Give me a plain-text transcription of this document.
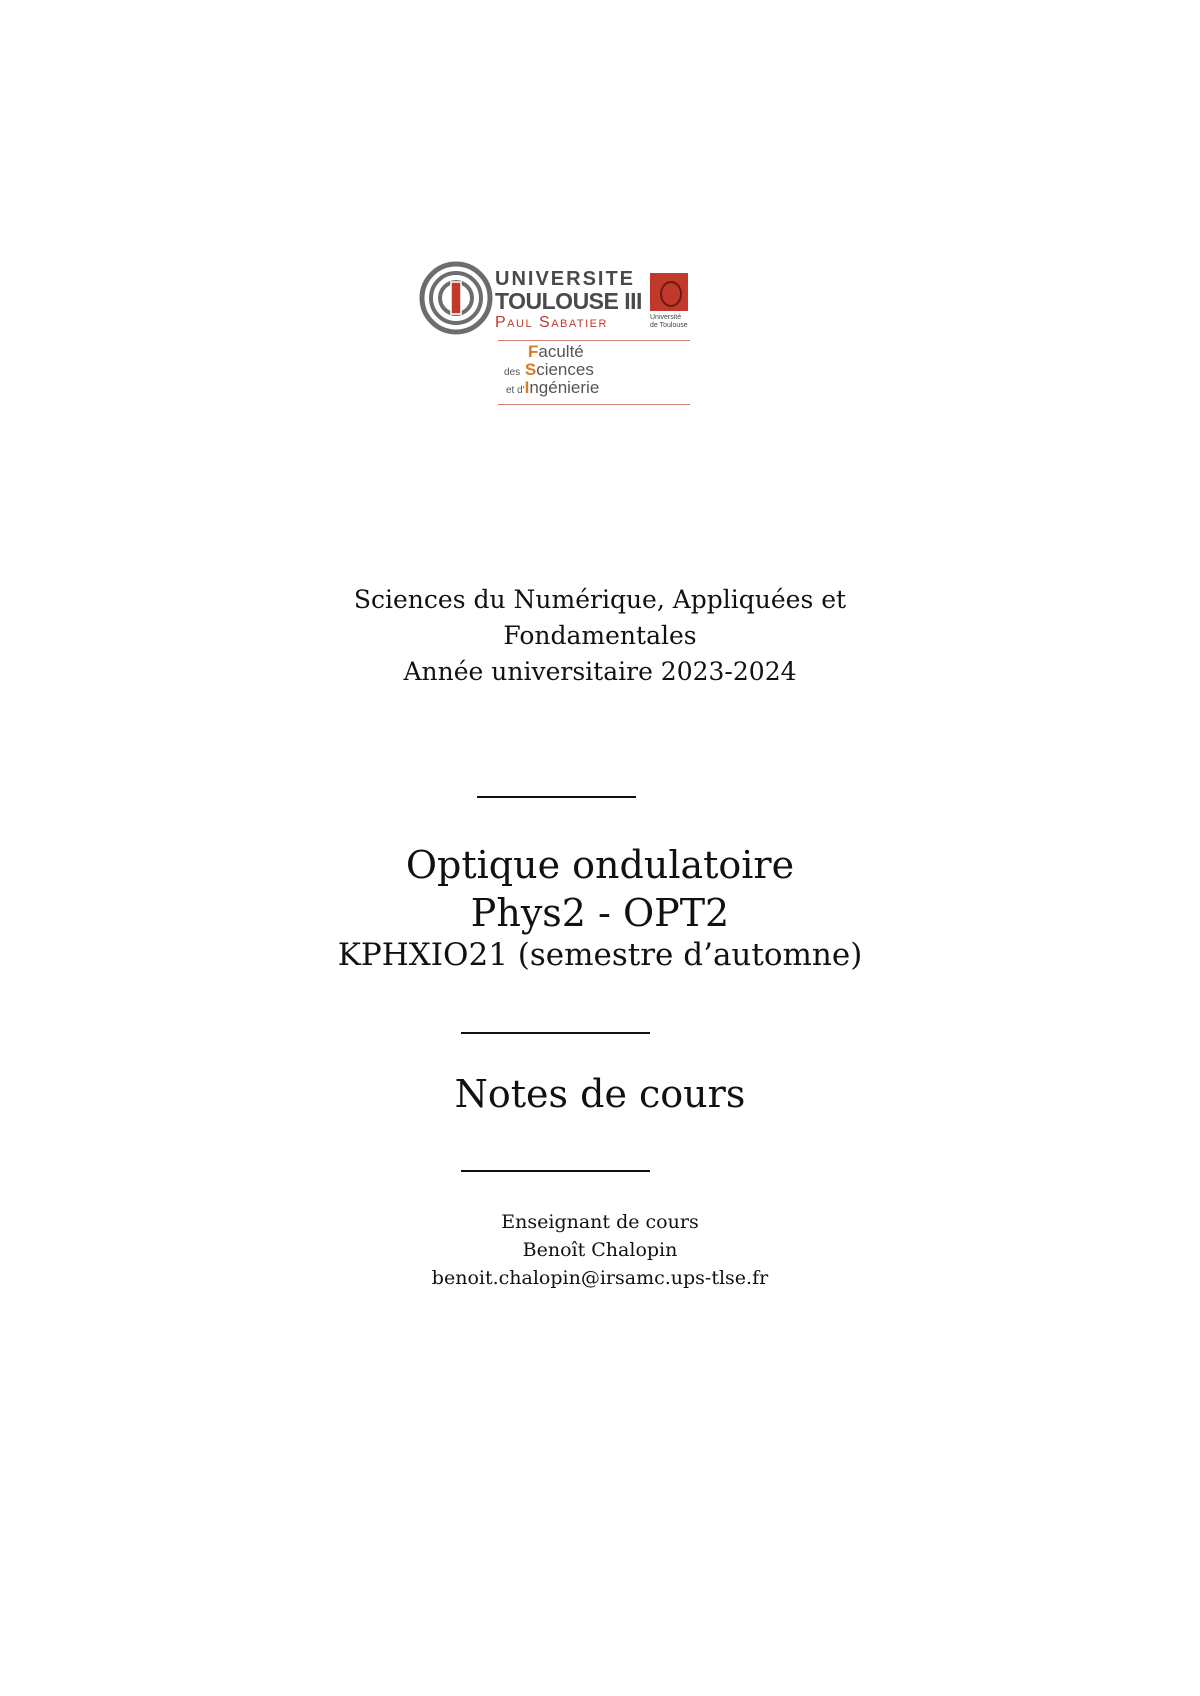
UNIVERSITE
TOULOUSE III
Paul Sabatier	Université
de Toulouse
Faculté
des Sciences
et d'Ingénierie
Sciences du Numérique, Appliquées et
Fondamentales
Année universitaire 2023-2024
Optique ondulatoire
Phys2 - OPT2
KPHXIO21 (semestre d’automne)
Notes de cours
Enseignant de cours
Benoît Chalopin
benoit.chalopin@irsamc.ups-tlse.fr
